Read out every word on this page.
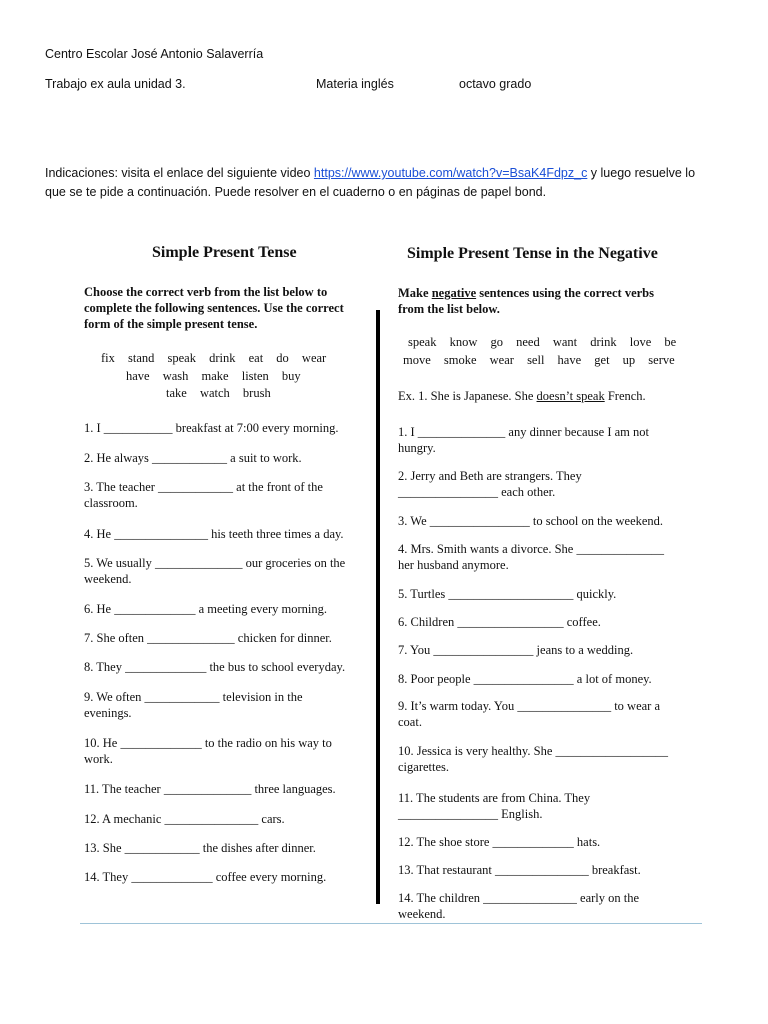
Centro Escolar José Antonio Salaverría
Trabajo ex aula unidad 3.	Materia inglés	octavo grado
Indicaciones: visita el enlace del siguiente video https://www.youtube.com/watch?v=BsaK4Fdpz_c y luego resuelve lo
que se te pide a continuación. Puede resolver en el cuaderno o en páginas de papel bond.
Simple Present Tense
Choose the correct verb from the list below to
complete the following sentences. Use the correct
form of the simple present tense.
fix stand speak drink eat do wear
have wash make listen buy
take watch brush
1. I ___________ breakfast at 7:00 every morning.
2. He always ____________ a suit to work.
3. The teacher ____________ at the front of the
classroom.
4. He _______________ his teeth three times a day.
5. We usually ______________ our groceries on the
weekend.
6. He _____________ a meeting every morning.
7. She often ______________ chicken for dinner.
8. They _____________ the bus to school everyday.
9. We often ____________ television in the
evenings.
10. He _____________ to the radio on his way to
work.
11. The teacher ______________ three languages.
12. A mechanic _______________ cars.
13. She ____________ the dishes after dinner.
14. They _____________ coffee every morning.
Simple Present Tense in the Negative
Make negative sentences using the correct verbs
from the list below.
speak know go need want drink love be
move smoke wear sell have get up serve
Ex. 1. She is Japanese. She doesn’t speak French.
1. I ______________ any dinner because I am not
hungry.
2. Jerry and Beth are strangers. They
________________ each other.
3. We ________________ to school on the weekend.
4. Mrs. Smith wants a divorce. She ______________
her husband anymore.
5. Turtles ____________________ quickly.
6. Children _________________ coffee.
7. You ________________ jeans to a wedding.
8. Poor people ________________ a lot of money.
9. It’s warm today. You _______________ to wear a
coat.
10. Jessica is very healthy. She __________________
cigarettes.
11. The students are from China. They
________________ English.
12. The shoe store _____________ hats.
13. That restaurant _______________ breakfast.
14. The children _______________ early on the
weekend.
